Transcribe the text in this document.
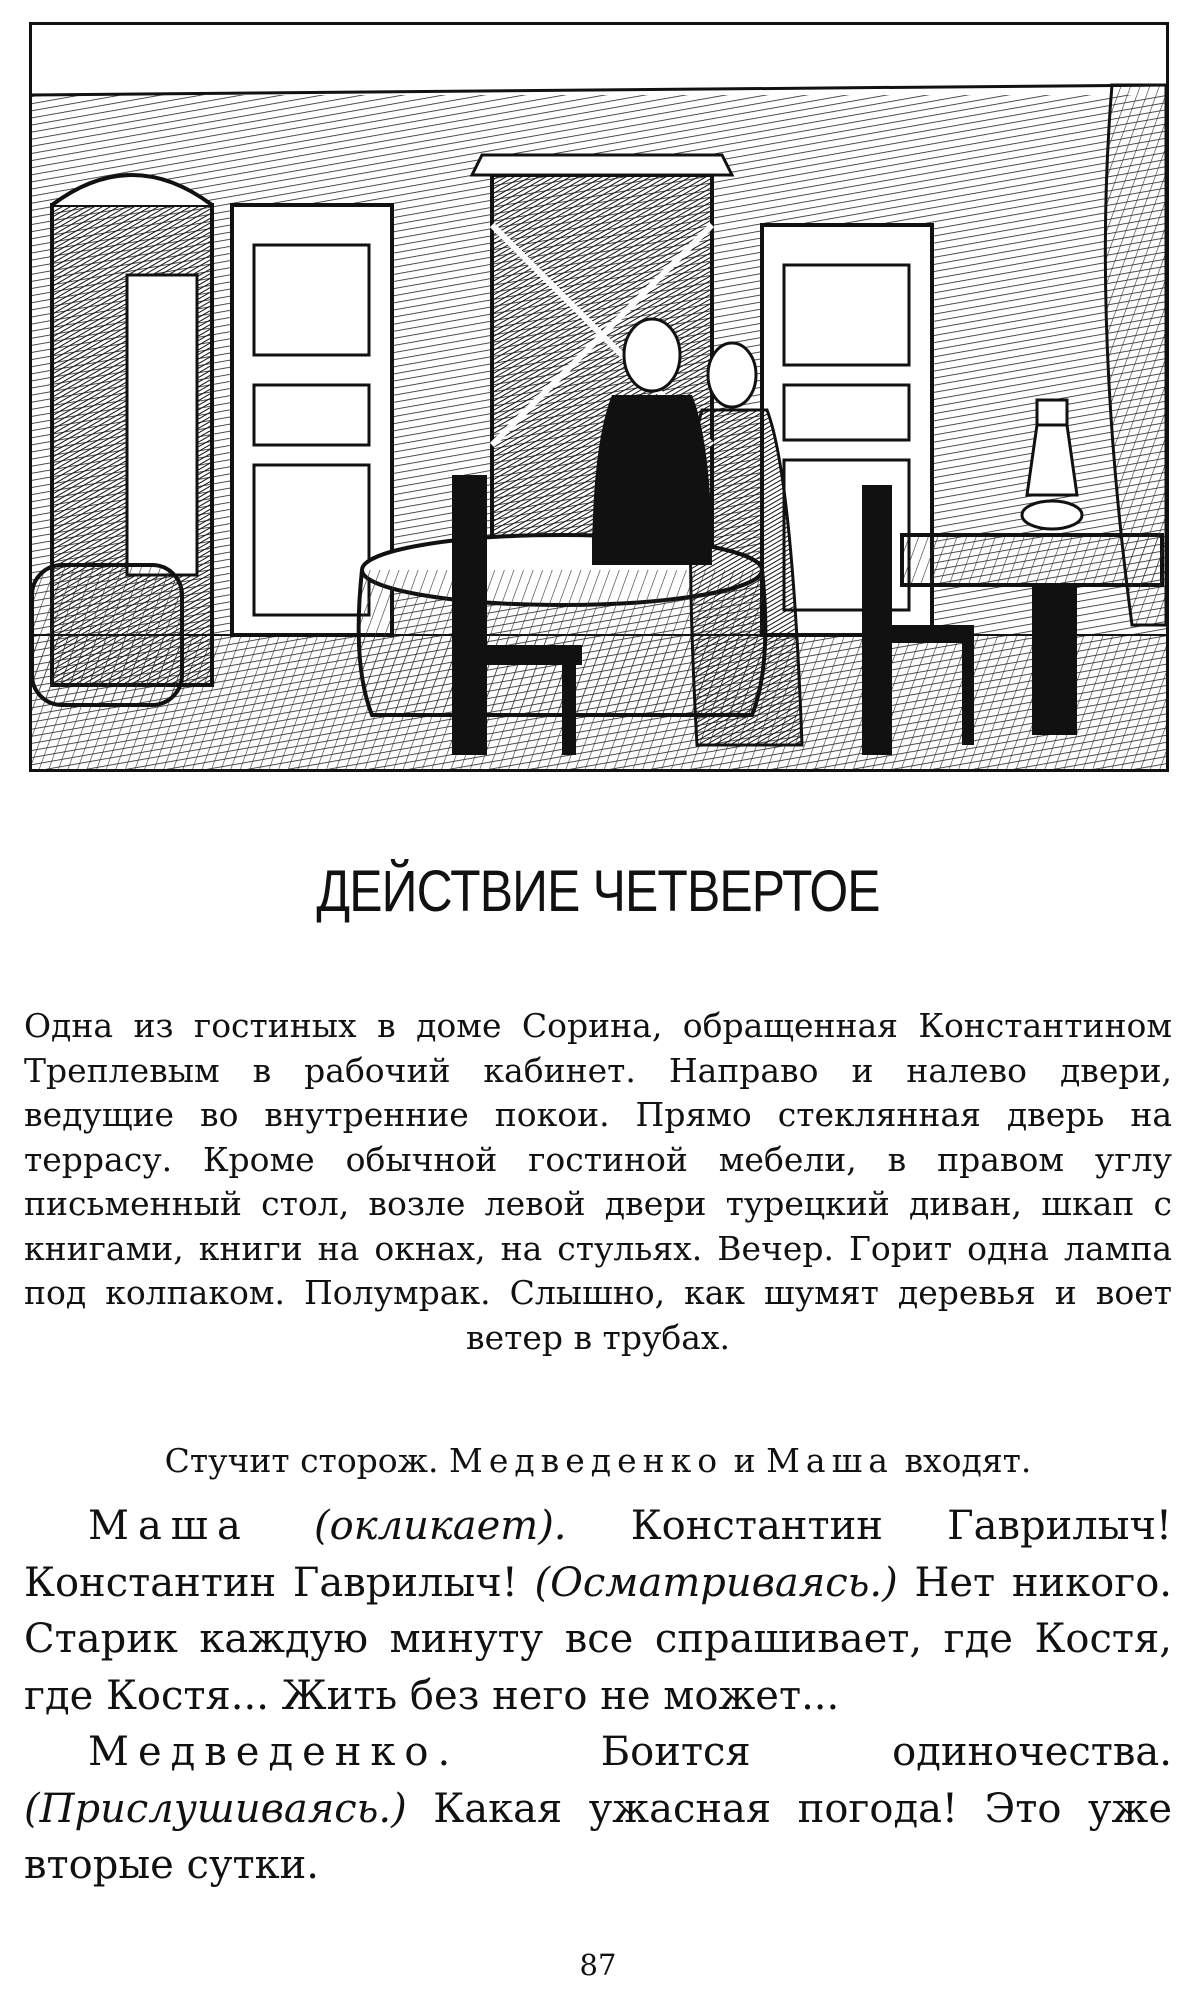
ДЕЙСТВИЕ ЧЕТВЕРТОЕ
Одна из гостиных в доме Сорина, обращенная Константином Треплевым в рабочий кабинет. Направо и налево двери, ведущие во внутренние покои. Прямо стеклянная дверь на террасу. Кроме обычной гостиной мебели, в правом углу письменный стол, возле левой двери турецкий диван, шкап с книгами, книги на окнах, на стульях. Вечер. Горит одна лампа под колпаком. Полумрак. Слышно, как шумят деревья и воет ветер в трубах.
Стучит сторож. Медведенко и Маша входят.

Маша (окликает). Константин Гаврилыч! Константин Гаврилыч! (Осматриваясь.) Нет никого. Старик каждую минуту все спрашивает, где Костя, где Костя... Жить без него не может...

Медведенко.	Боится одиночества. (Прислушиваясь.) Какая ужасная погода! Это уже вторые сутки.

87
